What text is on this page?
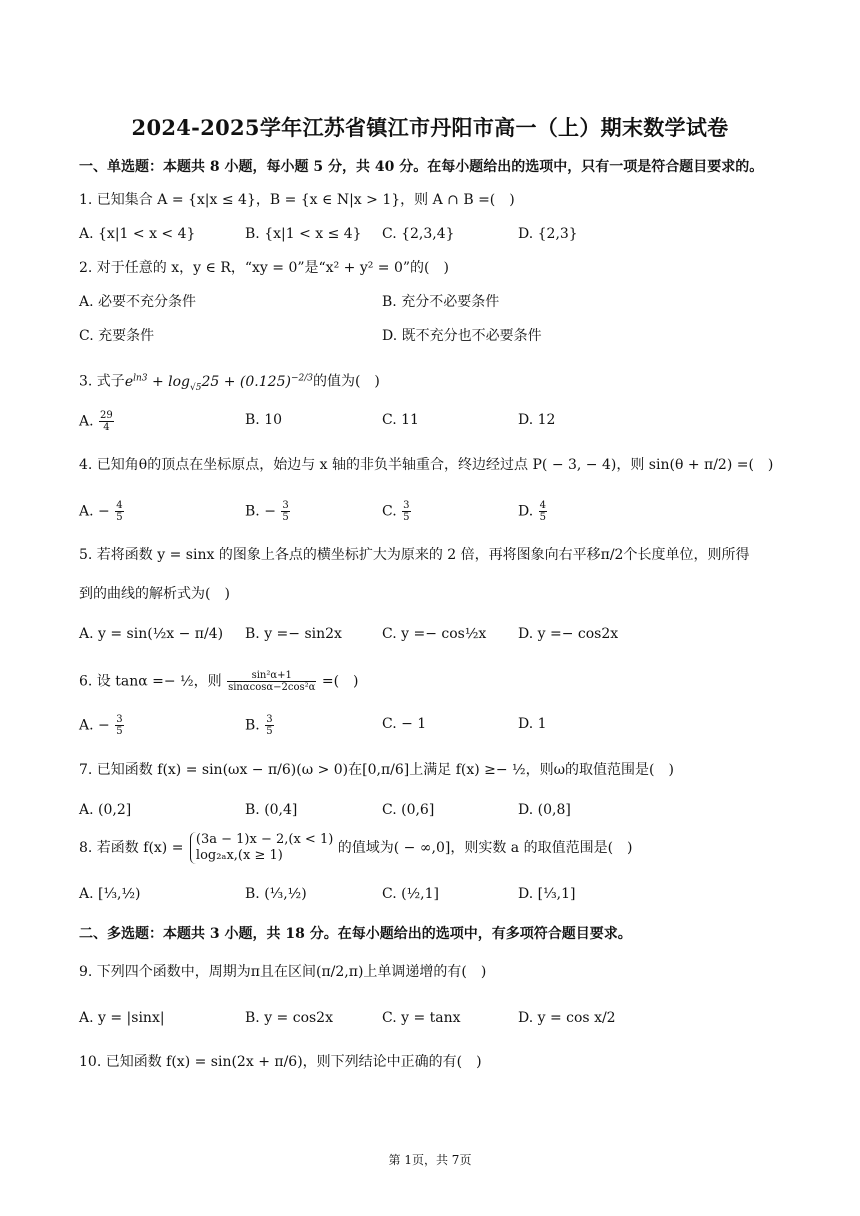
2024-2025学年江苏省镇江市丹阳市高一（上）期末数学试卷
一、单选题：本题共 8 小题，每小题 5 分，共 40 分。在每小题给出的选项中，只有一项是符合题目要求的。
1. 已知集合 A = {x|x ≤ 4}，B = {x ∈ N|x > 1}，则 A ∩ B =(　)
A. {x|1 < x < 4}	B. {x|1 < x ≤ 4} C. {2,3,4}	D. {2,3}
2. 对于任意的 x，y ∈ R，“xy = 0”是“x² + y² = 0”的(　)
A. 必要不充分条件	B. 充分不必要条件
C. 充要条件	D. 既不充分也不必要条件
3. 式子$e^{ln3} + \log_{√5}25 + (0.125)^{-2/3}$的值为(　)
A. $\frac{29}{4}$	B. 10	C. 11	D. 12
4. 已知角θ的顶点在坐标原点，始边与 x 轴的非负半轴重合，终边经过点 P( − 3, − 4)，则 sin(θ + π/2) =(　)
A. − $\frac{4}{5}$	B. − $\frac{3}{5}$	C. $\frac{3}{5}$	D. $\frac{4}{5}$
5. 若将函数 y = sinx 的图象上各点的横坐标扩大为原来的 2 倍，再将图象向右平移π/2个长度单位，则所得
到的曲线的解析式为(　)
A. y = sin(½x − π/4) B. y =− sin2x	C. y =− cos½x D. y =− cos2x
6. 设 tanα =− ½，则 $\frac{\text{sin²α+1}}{\text{sinαcosα−2cos²α}}$ =(　)
A. − $\frac{3}{5}$	B. $\frac{3}{5}$	C. − 1	D. 1
7. 已知函数 f(x) = sin(ωx − π/6)(ω > 0)在[0,π/6]上满足 f(x) ≥− ½，则ω的取值范围是(　)
A. (0,2]	B. (0,4]	C. (0,6]	D. (0,8]
8. 若函数 f(x) =
(3a − 1)x − 2,(x < 1)
log₂ₐx,(x ≥ 1)	的值域为( − ∞,0]，则实数 a 的取值范围是(　)
A. [⅓,½)	B. (⅓,½)	C. (½,1]	D. [⅓,1]
二、多选题：本题共 3 小题，共 18 分。在每小题给出的选项中，有多项符合题目要求。
9. 下列四个函数中，周期为π且在区间(π/2,π)上单调递增的有(　)
A. y = |sinx|	B. y = cos2x	C. y = tanx	D. y = cos x/2
10. 已知函数 f(x) = sin(2x + π/6)，则下列结论中正确的有(　)
第 1页，共 7页
